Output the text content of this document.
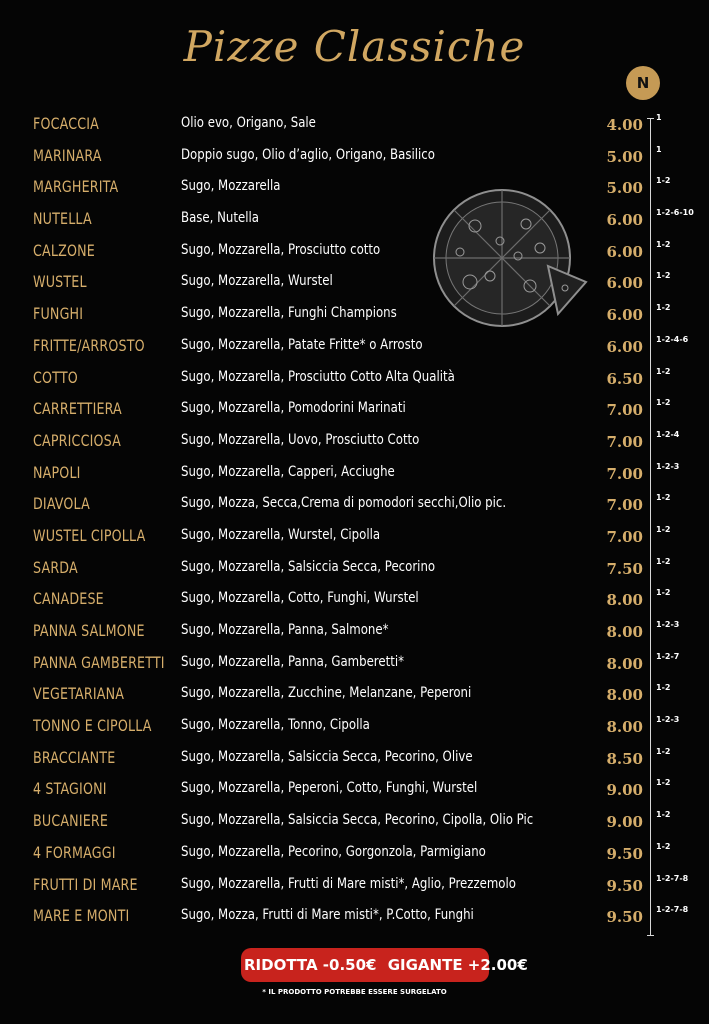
Pizze Classiche
N
FOCACCIA	Olio evo, Origano, Sale	4.00 1
MARINARA	Doppio sugo, Olio d’aglio, Origano, Basilico	5.00 1
MARGHERITA	Sugo, Mozzarella	5.00 1-2
NUTELLA	Base, Nutella	6.00 1-2-6-10
CALZONE	Sugo, Mozzarella, Prosciutto cotto	6.00 1-2
WUSTEL	Sugo, Mozzarella, Wurstel	6.00 1-2
FUNGHI	Sugo, Mozzarella, Funghi Champions	6.00 1-2
FRITTE/ARROSTO	Sugo, Mozzarella, Patate Fritte* o Arrosto	6.00 1-2-4-6
COTTO	Sugo, Mozzarella, Prosciutto Cotto Alta Qualità	6.50 1-2
CARRETTIERA	Sugo, Mozzarella, Pomodorini Marinati	7.00 1-2
CAPRICCIOSA	Sugo, Mozzarella, Uovo, Prosciutto Cotto	7.00 1-2-4
NAPOLI	Sugo, Mozzarella, Capperi, Acciughe	7.00 1-2-3
DIAVOLA	Sugo, Mozza, Secca,Crema di pomodori secchi,Olio pic.	7.00 1-2
WUSTEL CIPOLLA	Sugo, Mozzarella, Wurstel, Cipolla	7.00 1-2
SARDA	Sugo, Mozzarella, Salsiccia Secca, Pecorino	7.50 1-2
CANADESE	Sugo, Mozzarella, Cotto, Funghi, Wurstel	8.00 1-2
PANNA SALMONE	Sugo, Mozzarella, Panna, Salmone*	8.00 1-2-3
PANNA GAMBERETTI Sugo, Mozzarella, Panna, Gamberetti*	8.00 1-2-7
VEGETARIANA	Sugo, Mozzarella, Zucchine, Melanzane, Peperoni	8.00 1-2
TONNO E CIPOLLA Sugo, Mozzarella, Tonno, Cipolla	8.00 1-2-3
BRACCIANTE	Sugo, Mozzarella, Salsiccia Secca, Pecorino, Olive	8.50 1-2
4 STAGIONI	Sugo, Mozzarella, Peperoni, Cotto, Funghi, Wurstel	9.00 1-2
BUCANIERE	Sugo, Mozzarella, Salsiccia Secca, Pecorino, Cipolla, Olio Pic	9.00 1-2
4 FORMAGGI	Sugo, Mozzarella, Pecorino, Gorgonzola, Parmigiano	9.50 1-2
FRUTTI DI MARE	Sugo, Mozzarella, Frutti di Mare misti*, Aglio, Prezzemolo	9.50 1-2-7-8
MARE E MONTI	Sugo, Mozza, Frutti di Mare misti*, P.Cotto, Funghi	9.50 1-2-7-8
RIDOTTA -0.50€ GIGANTE +2.00€
* IL PRODOTTO POTREBBE ESSERE SURGELATO
